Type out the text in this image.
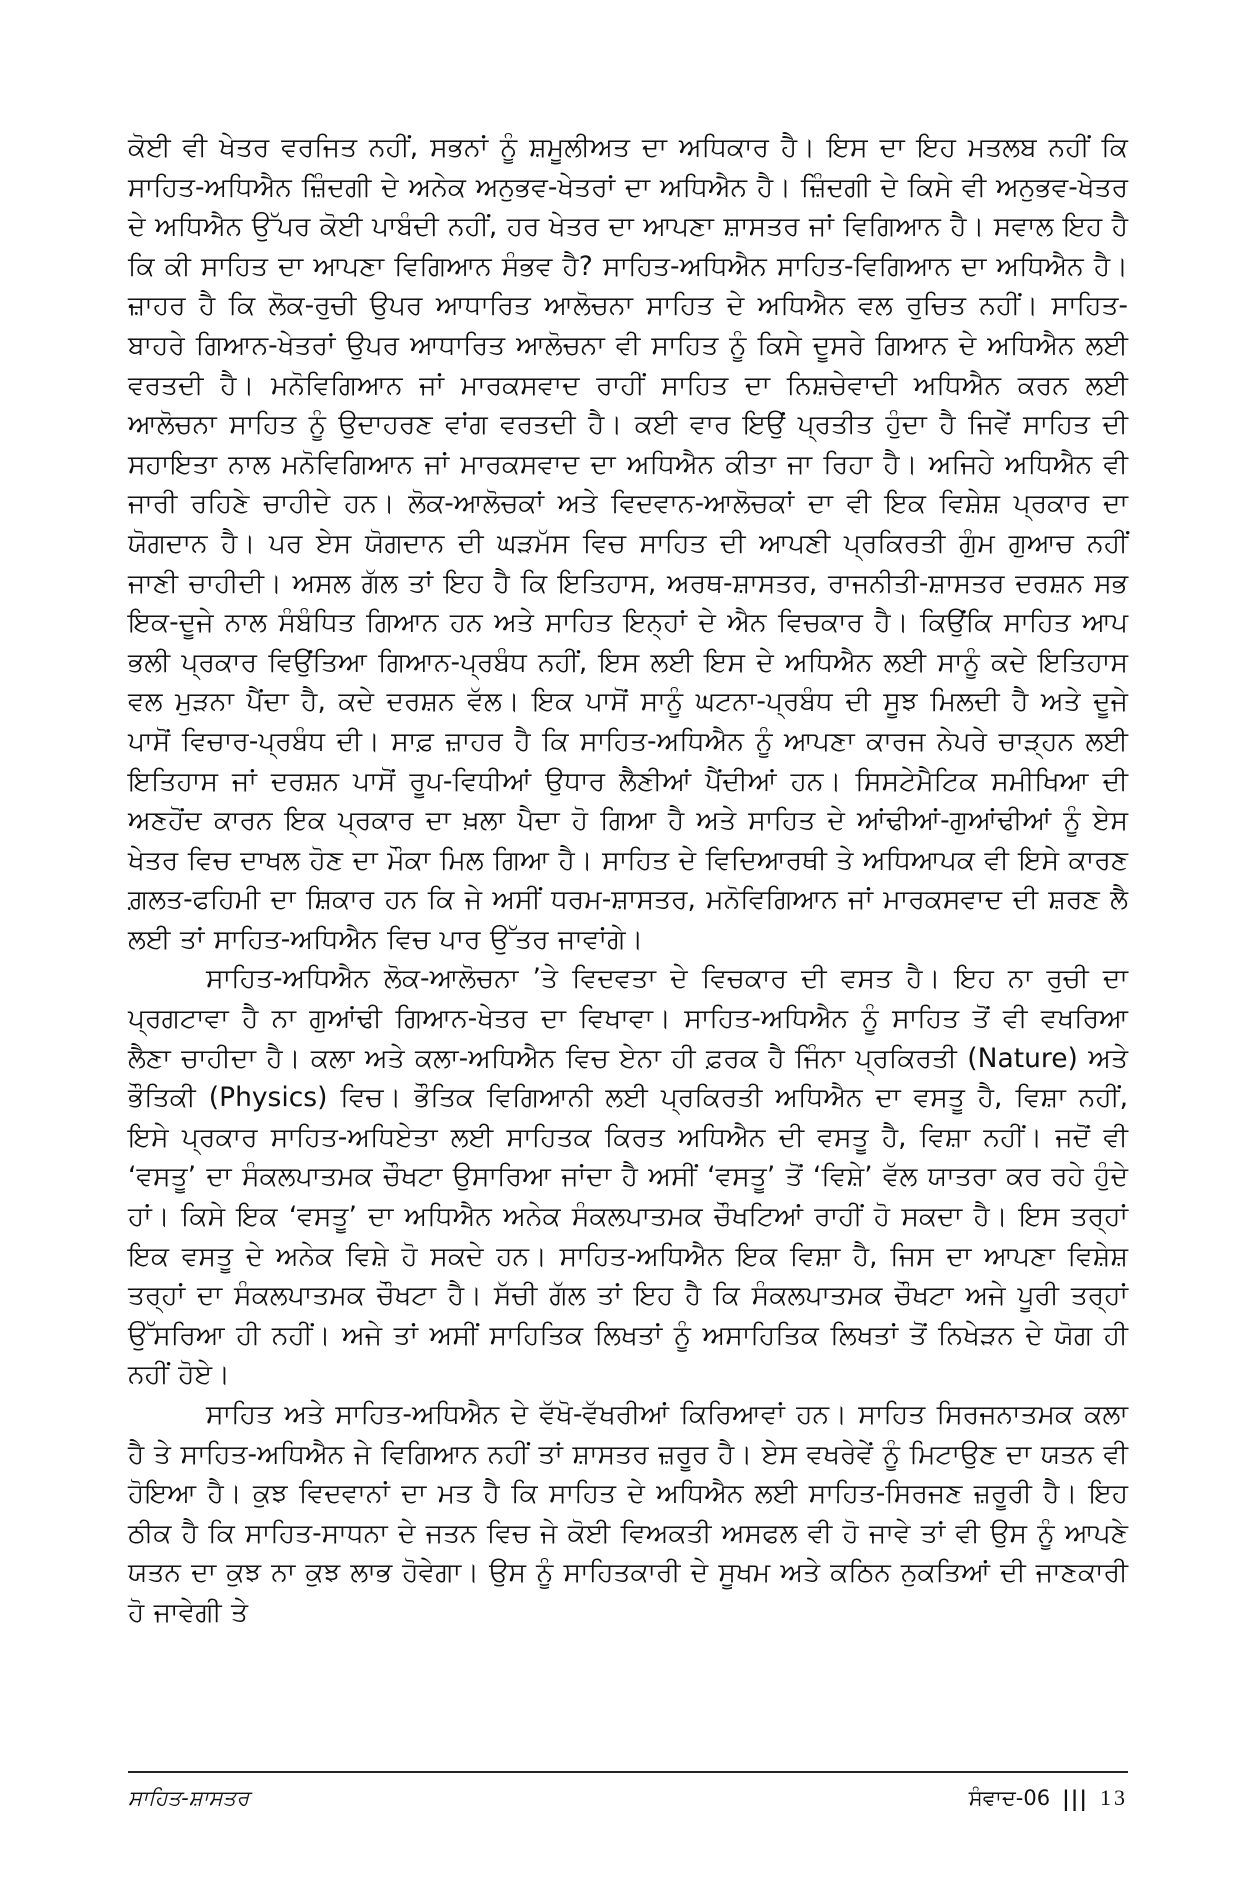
ਕੋਈ ਵੀ ਖੇਤਰ ਵਰਜਿਤ ਨਹੀਂ, ਸਭਨਾਂ ਨੂੰ ਸ਼ਮੂਲੀਅਤ ਦਾ ਅਧਿਕਾਰ ਹੈ। ਇਸ ਦਾ ਇਹ ਮਤਲਬ ਨਹੀਂ ਕਿ ਸਾਹਿਤ-ਅਧਿਐਨ ਜ਼ਿੰਦਗੀ ਦੇ ਅਨੇਕ ਅਨੁਭਵ-ਖੇਤਰਾਂ ਦਾ ਅਧਿਐਨ ਹੈ। ਜ਼ਿੰਦਗੀ ਦੇ ਕਿਸੇ ਵੀ ਅਨੁਭਵ-ਖੇਤਰ ਦੇ ਅਧਿਐਨ ਉੱਪਰ ਕੋਈ ਪਾਬੰਦੀ ਨਹੀਂ, ਹਰ ਖੇਤਰ ਦਾ ਆਪਣਾ ਸ਼ਾਸਤਰ ਜਾਂ ਵਿਗਿਆਨ ਹੈ। ਸਵਾਲ ਇਹ ਹੈ ਕਿ ਕੀ ਸਾਹਿਤ ਦਾ ਆਪਣਾ ਵਿਗਿਆਨ ਸੰਭਵ ਹੈ? ਸਾਹਿਤ-ਅਧਿਐਨ ਸਾਹਿਤ-ਵਿਗਿਆਨ ਦਾ ਅਧਿਐਨ ਹੈ। ਜ਼ਾਹਰ ਹੈ ਕਿ ਲੋਕ-ਰੁਚੀ ਉਪਰ ਆਧਾਰਿਤ ਆਲੋਚਨਾ ਸਾਹਿਤ ਦੇ ਅਧਿਐਨ ਵਲ ਰੁਚਿਤ ਨਹੀਂ। ਸਾਹਿਤ-ਬਾਹਰੇ ਗਿਆਨ-ਖੇਤਰਾਂ ਉਪਰ ਆਧਾਰਿਤ ਆਲੋਚਨਾ ਵੀ ਸਾਹਿਤ ਨੂੰ ਕਿਸੇ ਦੂਸਰੇ ਗਿਆਨ ਦੇ ਅਧਿਐਨ ਲਈ ਵਰਤਦੀ ਹੈ। ਮਨੋਵਿਗਿਆਨ ਜਾਂ ਮਾਰਕਸਵਾਦ ਰਾਹੀਂ ਸਾਹਿਤ ਦਾ ਨਿਸ਼ਚੇਵਾਦੀ ਅਧਿਐਨ ਕਰਨ ਲਈ ਆਲੋਚਨਾ ਸਾਹਿਤ ਨੂੰ ਉਦਾਹਰਣ ਵਾਂਗ ਵਰਤਦੀ ਹੈ। ਕਈ ਵਾਰ ਇਉਂ ਪ੍ਰਤੀਤ ਹੁੰਦਾ ਹੈ ਜਿਵੇਂ ਸਾਹਿਤ ਦੀ ਸਹਾਇਤਾ ਨਾਲ ਮਨੋਵਿਗਿਆਨ ਜਾਂ ਮਾਰਕਸਵਾਦ ਦਾ ਅਧਿਐਨ ਕੀਤਾ ਜਾ ਰਿਹਾ ਹੈ। ਅਜਿਹੇ ਅਧਿਐਨ ਵੀ ਜਾਰੀ ਰਹਿਣੇ ਚਾਹੀਦੇ ਹਨ। ਲੋਕ-ਆਲੋਚਕਾਂ ਅਤੇ ਵਿਦਵਾਨ-ਆਲੋਚਕਾਂ ਦਾ ਵੀ ਇਕ ਵਿਸ਼ੇਸ਼ ਪ੍ਰਕਾਰ ਦਾ ਯੋਗਦਾਨ ਹੈ। ਪਰ ਏਸ ਯੋਗਦਾਨ ਦੀ ਘੜਮੱਸ ਵਿਚ ਸਾਹਿਤ ਦੀ ਆਪਣੀ ਪ੍ਰਕਿਰਤੀ ਗੁੰਮ ਗੁਆਚ ਨਹੀਂ ਜਾਣੀ ਚਾਹੀਦੀ। ਅਸਲ ਗੱਲ ਤਾਂ ਇਹ ਹੈ ਕਿ ਇਤਿਹਾਸ, ਅਰਥ-ਸ਼ਾਸਤਰ, ਰਾਜਨੀਤੀ-ਸ਼ਾਸਤਰ ਦਰਸ਼ਨ ਸਭ ਇਕ-ਦੂਜੇ ਨਾਲ ਸੰਬੰਧਿਤ ਗਿਆਨ ਹਨ ਅਤੇ ਸਾਹਿਤ ਇਨ੍ਹਾਂ ਦੇ ਐਨ ਵਿਚਕਾਰ ਹੈ। ਕਿਉਂਕਿ ਸਾਹਿਤ ਆਪ ਭਲੀ ਪ੍ਰਕਾਰ ਵਿਉਂਤਿਆ ਗਿਆਨ-ਪ੍ਰਬੰਧ ਨਹੀਂ, ਇਸ ਲਈ ਇਸ ਦੇ ਅਧਿਐਨ ਲਈ ਸਾਨੂੰ ਕਦੇ ਇਤਿਹਾਸ ਵਲ ਮੁੜਨਾ ਪੈਂਦਾ ਹੈ, ਕਦੇ ਦਰਸ਼ਨ ਵੱਲ। ਇਕ ਪਾਸੋਂ ਸਾਨੂੰ ਘਟਨਾ-ਪ੍ਰਬੰਧ ਦੀ ਸੂਝ ਮਿਲਦੀ ਹੈ ਅਤੇ ਦੂਜੇ ਪਾਸੋਂ ਵਿਚਾਰ-ਪ੍ਰਬੰਧ ਦੀ। ਸਾਫ਼ ਜ਼ਾਹਰ ਹੈ ਕਿ ਸਾਹਿਤ-ਅਧਿਐਨ ਨੂੰ ਆਪਣਾ ਕਾਰਜ ਨੇਪਰੇ ਚਾੜ੍ਹਨ ਲਈ ਇਤਿਹਾਸ ਜਾਂ ਦਰਸ਼ਨ ਪਾਸੋਂ ਰੂਪ-ਵਿਧੀਆਂ ਉਧਾਰ ਲੈਣੀਆਂ ਪੈਂਦੀਆਂ ਹਨ। ਸਿਸਟੇਮੈਟਿਕ ਸਮੀਖਿਆ ਦੀ ਅਣਹੋਂਦ ਕਾਰਨ ਇਕ ਪ੍ਰਕਾਰ ਦਾ ਖ਼ਲਾ ਪੈਦਾ ਹੋ ਗਿਆ ਹੈ ਅਤੇ ਸਾਹਿਤ ਦੇ ਆਂਢੀਆਂ-ਗੁਆਂਢੀਆਂ ਨੂੰ ਏਸ ਖੇਤਰ ਵਿਚ ਦਾਖਲ ਹੋਣ ਦਾ ਮੌਕਾ ਮਿਲ ਗਿਆ ਹੈ। ਸਾਹਿਤ ਦੇ ਵਿਦਿਆਰਥੀ ਤੇ ਅਧਿਆਪਕ ਵੀ ਇਸੇ ਕਾਰਣ ਗ਼ਲਤ-ਫਹਿਮੀ ਦਾ ਸ਼ਿਕਾਰ ਹਨ ਕਿ ਜੇ ਅਸੀਂ ਧਰਮ-ਸ਼ਾਸਤਰ, ਮਨੋਵਿਗਿਆਨ ਜਾਂ ਮਾਰਕਸਵਾਦ ਦੀ ਸ਼ਰਣ ਲੈ ਲਈ ਤਾਂ ਸਾਹਿਤ-ਅਧਿਐਨ ਵਿਚ ਪਾਰ ਉੱਤਰ ਜਾਵਾਂਗੇ।

ਸਾਹਿਤ-ਅਧਿਐਨ ਲੋਕ-ਆਲੋਚਨਾ ’ਤੇ ਵਿਦਵਤਾ ਦੇ ਵਿਚਕਾਰ ਦੀ ਵਸਤ ਹੈ। ਇਹ ਨਾ ਰੁਚੀ ਦਾ ਪ੍ਰਗਟਾਵਾ ਹੈ ਨਾ ਗੁਆਂਢੀ ਗਿਆਨ-ਖੇਤਰ ਦਾ ਵਿਖਾਵਾ। ਸਾਹਿਤ-ਅਧਿਐਨ ਨੂੰ ਸਾਹਿਤ ਤੋਂ ਵੀ ਵਖਰਿਆ ਲੈਣਾ ਚਾਹੀਦਾ ਹੈ। ਕਲਾ ਅਤੇ ਕਲਾ-ਅਧਿਐਨ ਵਿਚ ਏਨਾ ਹੀ ਫ਼ਰਕ ਹੈ ਜਿੰਨਾ ਪ੍ਰਕਿਰਤੀ (Nature) ਅਤੇ ਭੌਤਿਕੀ (Physics) ਵਿਚ। ਭੌਤਿਕ ਵਿਗਿਆਨੀ ਲਈ ਪ੍ਰਕਿਰਤੀ ਅਧਿਐਨ ਦਾ ਵਸਤੂ ਹੈ, ਵਿਸ਼ਾ ਨਹੀਂ, ਇਸੇ ਪ੍ਰਕਾਰ ਸਾਹਿਤ-ਅਧਿਏਤਾ ਲਈ ਸਾਹਿਤਕ ਕਿਰਤ ਅਧਿਐਨ ਦੀ ਵਸਤੂ ਹੈ, ਵਿਸ਼ਾ ਨਹੀਂ। ਜਦੋਂ ਵੀ ‘ਵਸਤੂ’ ਦਾ ਸੰਕਲਪਾਤਮਕ ਚੌਖਟਾ ਉਸਾਰਿਆ ਜਾਂਦਾ ਹੈ ਅਸੀਂ ‘ਵਸਤੂ’ ਤੋਂ ‘ਵਿਸ਼ੇ’ ਵੱਲ ਯਾਤਰਾ ਕਰ ਰਹੇ ਹੁੰਦੇ ਹਾਂ। ਕਿਸੇ ਇਕ ‘ਵਸਤੂ’ ਦਾ ਅਧਿਐਨ ਅਨੇਕ ਸੰਕਲਪਾਤਮਕ ਚੌਖਟਿਆਂ ਰਾਹੀਂ ਹੋ ਸਕਦਾ ਹੈ। ਇਸ ਤਰ੍ਹਾਂ ਇਕ ਵਸਤੂ ਦੇ ਅਨੇਕ ਵਿਸ਼ੇ ਹੋ ਸਕਦੇ ਹਨ। ਸਾਹਿਤ-ਅਧਿਐਨ ਇਕ ਵਿਸ਼ਾ ਹੈ, ਜਿਸ ਦਾ ਆਪਣਾ ਵਿਸ਼ੇਸ਼ ਤਰ੍ਹਾਂ ਦਾ ਸੰਕਲਪਾਤਮਕ ਚੌਖਟਾ ਹੈ। ਸੱਚੀ ਗੱਲ ਤਾਂ ਇਹ ਹੈ ਕਿ ਸੰਕਲਪਾਤਮਕ ਚੌਖਟਾ ਅਜੇ ਪੂਰੀ ਤਰ੍ਹਾਂ ਉੱਸਰਿਆ ਹੀ ਨਹੀਂ। ਅਜੇ ਤਾਂ ਅਸੀਂ ਸਾਹਿਤਿਕ ਲਿਖਤਾਂ ਨੂੰ ਅਸਾਹਿਤਿਕ ਲਿਖਤਾਂ ਤੋਂ ਨਿਖੇੜਨ ਦੇ ਯੋਗ ਹੀ ਨਹੀਂ ਹੋਏ।

ਸਾਹਿਤ ਅਤੇ ਸਾਹਿਤ-ਅਧਿਐਨ ਦੇ ਵੱਖੋ-ਵੱਖਰੀਆਂ ਕਿਰਿਆਵਾਂ ਹਨ। ਸਾਹਿਤ ਸਿਰਜਨਾਤਮਕ ਕਲਾ ਹੈ ਤੇ ਸਾਹਿਤ-ਅਧਿਐਨ ਜੇ ਵਿਗਿਆਨ ਨਹੀਂ ਤਾਂ ਸ਼ਾਸਤਰ ਜ਼ਰੂਰ ਹੈ। ਏਸ ਵਖਰੇਵੇਂ ਨੂੰ ਮਿਟਾਉਣ ਦਾ ਯਤਨ ਵੀ ਹੋਇਆ ਹੈ। ਕੁਝ ਵਿਦਵਾਨਾਂ ਦਾ ਮਤ ਹੈ ਕਿ ਸਾਹਿਤ ਦੇ ਅਧਿਐਨ ਲਈ ਸਾਹਿਤ-ਸਿਰਜਣ ਜ਼ਰੂਰੀ ਹੈ। ਇਹ ਠੀਕ ਹੈ ਕਿ ਸਾਹਿਤ-ਸਾਧਨਾ ਦੇ ਜਤਨ ਵਿਚ ਜੇ ਕੋਈ ਵਿਅਕਤੀ ਅਸਫਲ ਵੀ ਹੋ ਜਾਵੇ ਤਾਂ ਵੀ ਉਸ ਨੂੰ ਆਪਣੇ ਯਤਨ ਦਾ ਕੁਝ ਨਾ ਕੁਝ ਲਾਭ ਹੋਵੇਗਾ। ਉਸ ਨੂੰ ਸਾਹਿਤਕਾਰੀ ਦੇ ਸੂਖਮ ਅਤੇ ਕਠਿਨ ਨੁਕਤਿਆਂ ਦੀ ਜਾਣਕਾਰੀ ਹੋ ਜਾਵੇਗੀ ਤੇ

ਸਾਹਿਤ-ਸ਼ਾਸਤਰ	ਸੰਵਾਦ-06 ||| 13
